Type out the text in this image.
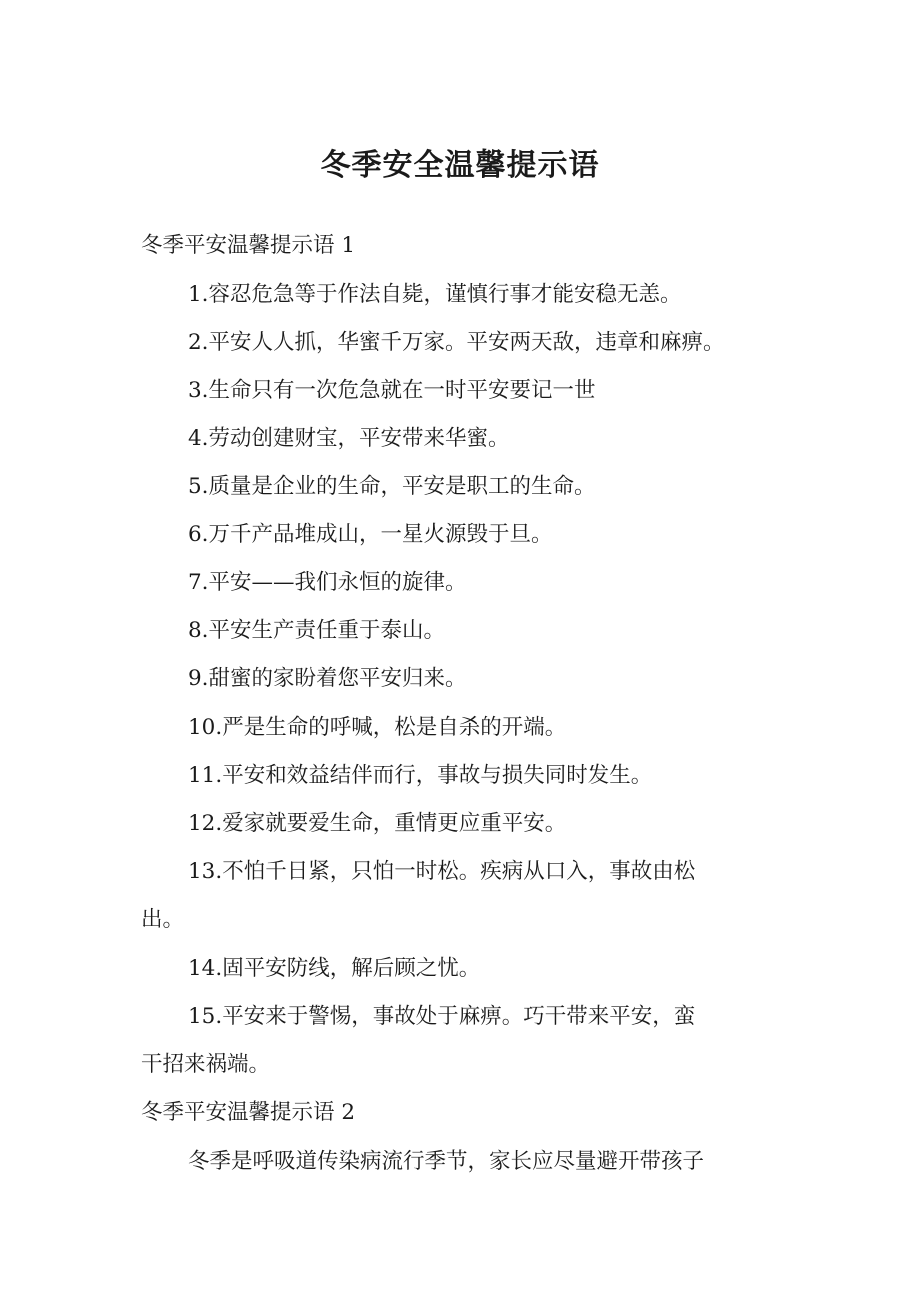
冬季安全温馨提示语
冬季平安温馨提示语 1
1.容忍危急等于作法自毙，谨慎行事才能安稳无恙。
2.平安人人抓，华蜜千万家。平安两天敌，违章和麻痹。
3.生命只有一次危急就在一时平安要记一世
4.劳动创建财宝，平安带来华蜜。
5.质量是企业的生命，平安是职工的生命。
6.万千产品堆成山，一星火源毁于旦。
7.平安——我们永恒的旋律。
8.平安生产责任重于泰山。
9.甜蜜的家盼着您平安归来。
10.严是生命的呼喊，松是自杀的开端。
11.平安和效益结伴而行，事故与损失同时发生。
12.爱家就要爱生命，重情更应重平安。
13.不怕千日紧，只怕一时松。疾病从口入，事故由松
出。
14.固平安防线，解后顾之忧。
15.平安来于警惕，事故处于麻痹。巧干带来平安，蛮
干招来祸端。
冬季平安温馨提示语 2
冬季是呼吸道传染病流行季节，家长应尽量避开带孩子
